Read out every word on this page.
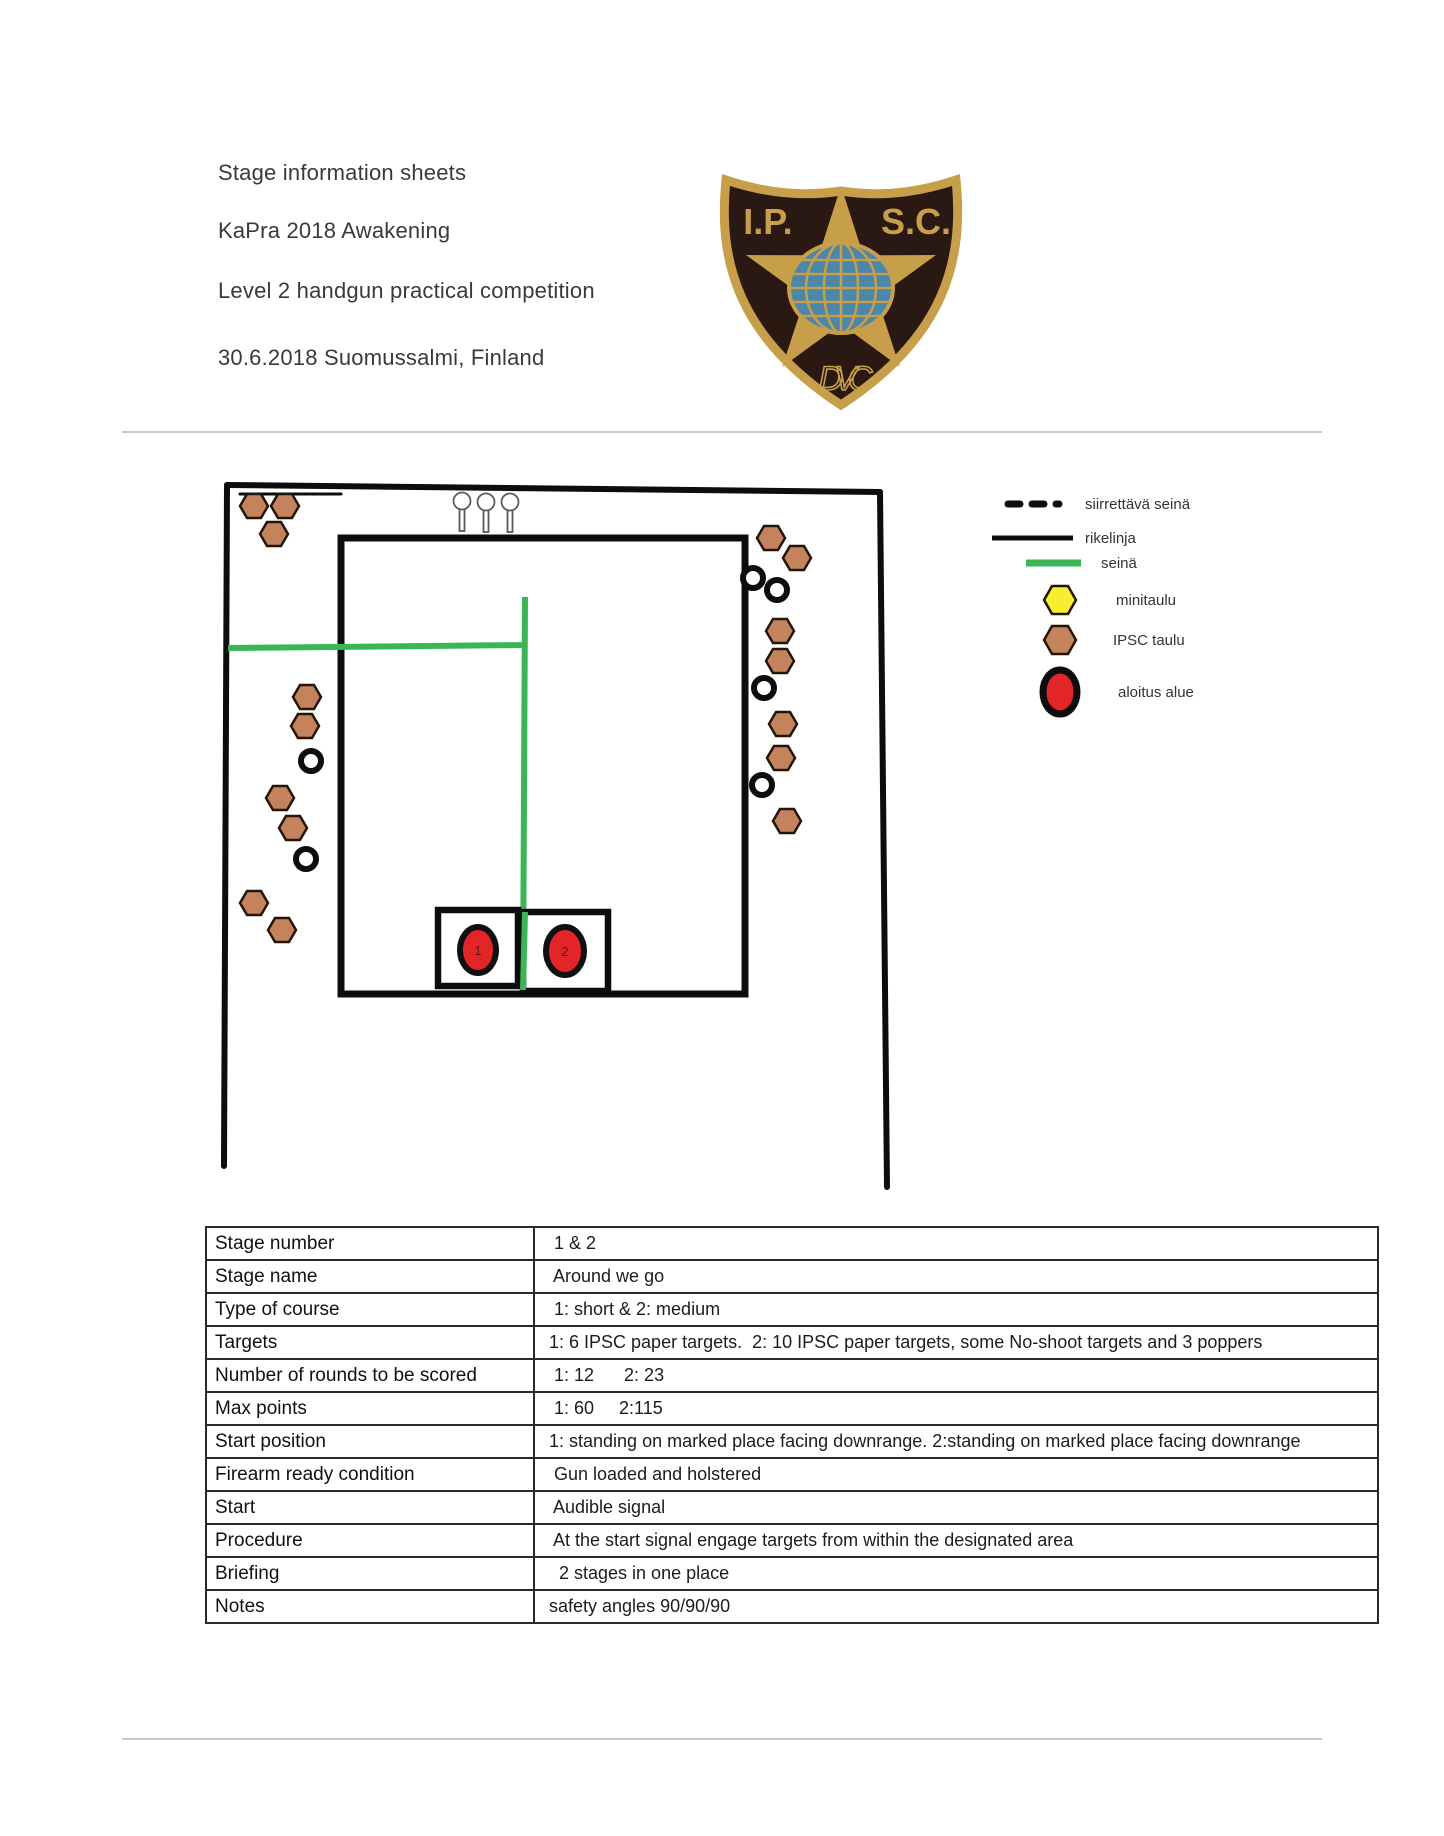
Stage information sheets
KaPra 2018 Awakening
Level 2 handgun practical competition
30.6.2018 Suomussalmi, Finland
I.P. S.C.
DVC
1	2
siirrettävä seinä
rikelinja
seinä
minitaulu
IPSC taulu
aloitus alue
Stage number	1 & 2
Stage name	Around we go
Type of course	1: short & 2: medium
Targets	1: 6 IPSC paper targets.  2: 10 IPSC paper targets, some No-shoot targets and 3 poppers
Number of rounds to be scored	1: 12      2: 23
Max points	1: 60     2:115
Start position	1: standing on marked place facing downrange. 2:standing on marked place facing downrange
Firearm ready condition	Gun loaded and holstered
Start	Audible signal
Procedure	At the start signal engage targets from within the designated area
Briefing	2 stages in one place
Notes	safety angles 90/90/90
